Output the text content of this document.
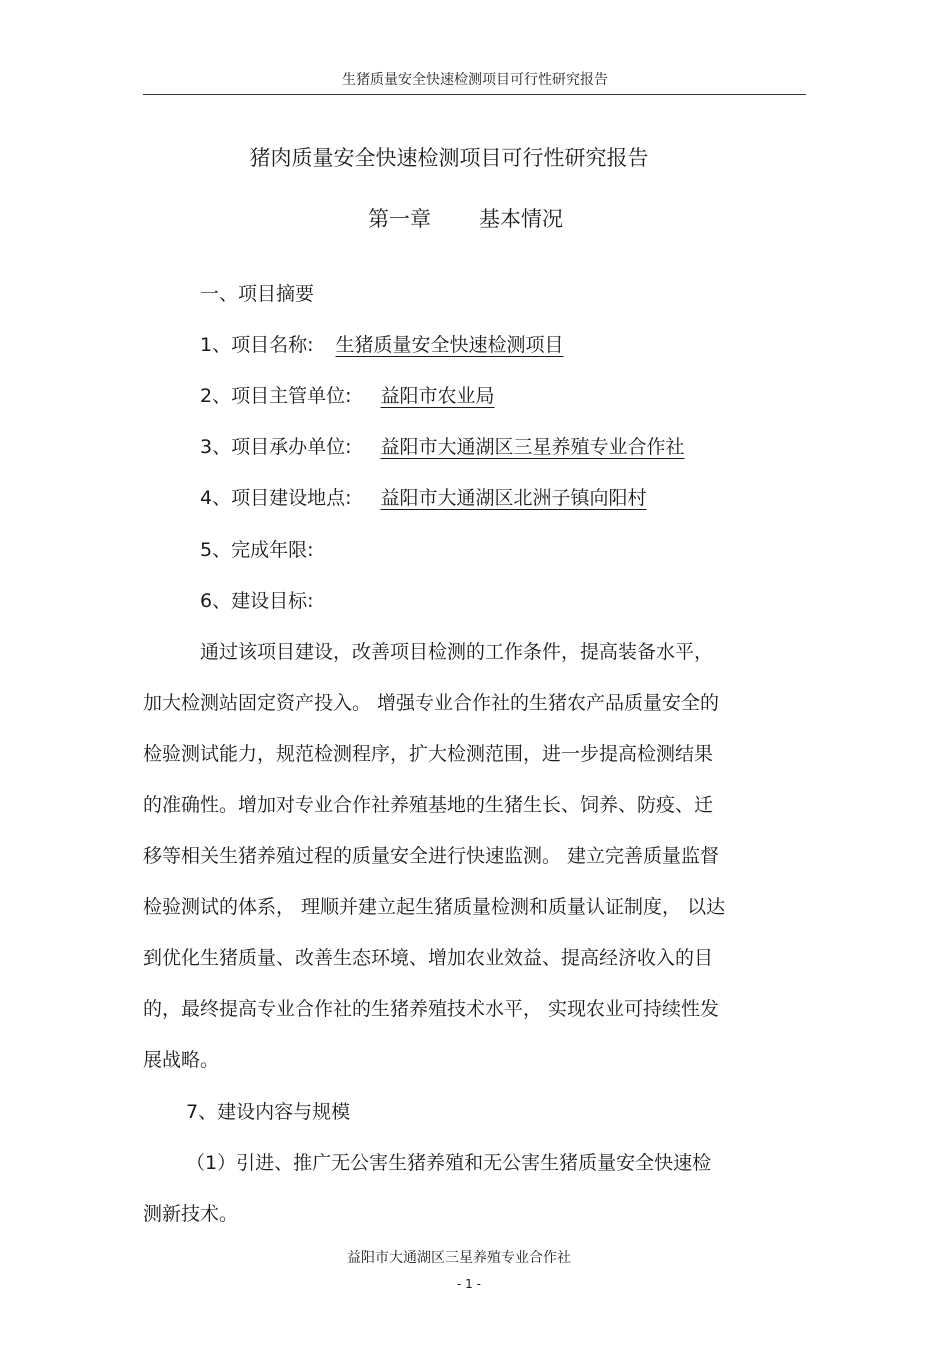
生猪质量安全快速检测项目可行性研究报告
猪肉质量安全快速检测项目可行性研究报告
第一章 基本情况
一、项目摘要
1、项目名称: 生猪质量安全快速检测项目
2、项目主管单位: 益阳市农业局
3、项目承办单位: 益阳市大通湖区三星养殖专业合作社
4、项目建设地点: 益阳市大通湖区北洲子镇向阳村
5、完成年限:
6、建设目标:
通过该项目建设，改善项目检测的工作条件，提高装备水平，
加大检测站固定资产投入。 增强专业合作社的生猪农产品质量安全的
检验测试能力，规范检测程序，扩大检测范围，进一步提高检测结果
的准确性。增加对专业合作社养殖基地的生猪生长、饲养、防疫、迁
移等相关生猪养殖过程的质量安全进行快速监测。 建立完善质量监督
检验测试的体系， 理顺并建立起生猪质量检测和质量认证制度， 以达
到优化生猪质量、改善生态环境、增加农业效益、提高经济收入的目
的，最终提高专业合作社的生猪养殖技术水平， 实现农业可持续性发
展战略。
7、建设内容与规模
（1）引进、推广无公害生猪养殖和无公害生猪质量安全快速检
测新技术。
益阳市大通湖区三星养殖专业合作社
- 1 -
